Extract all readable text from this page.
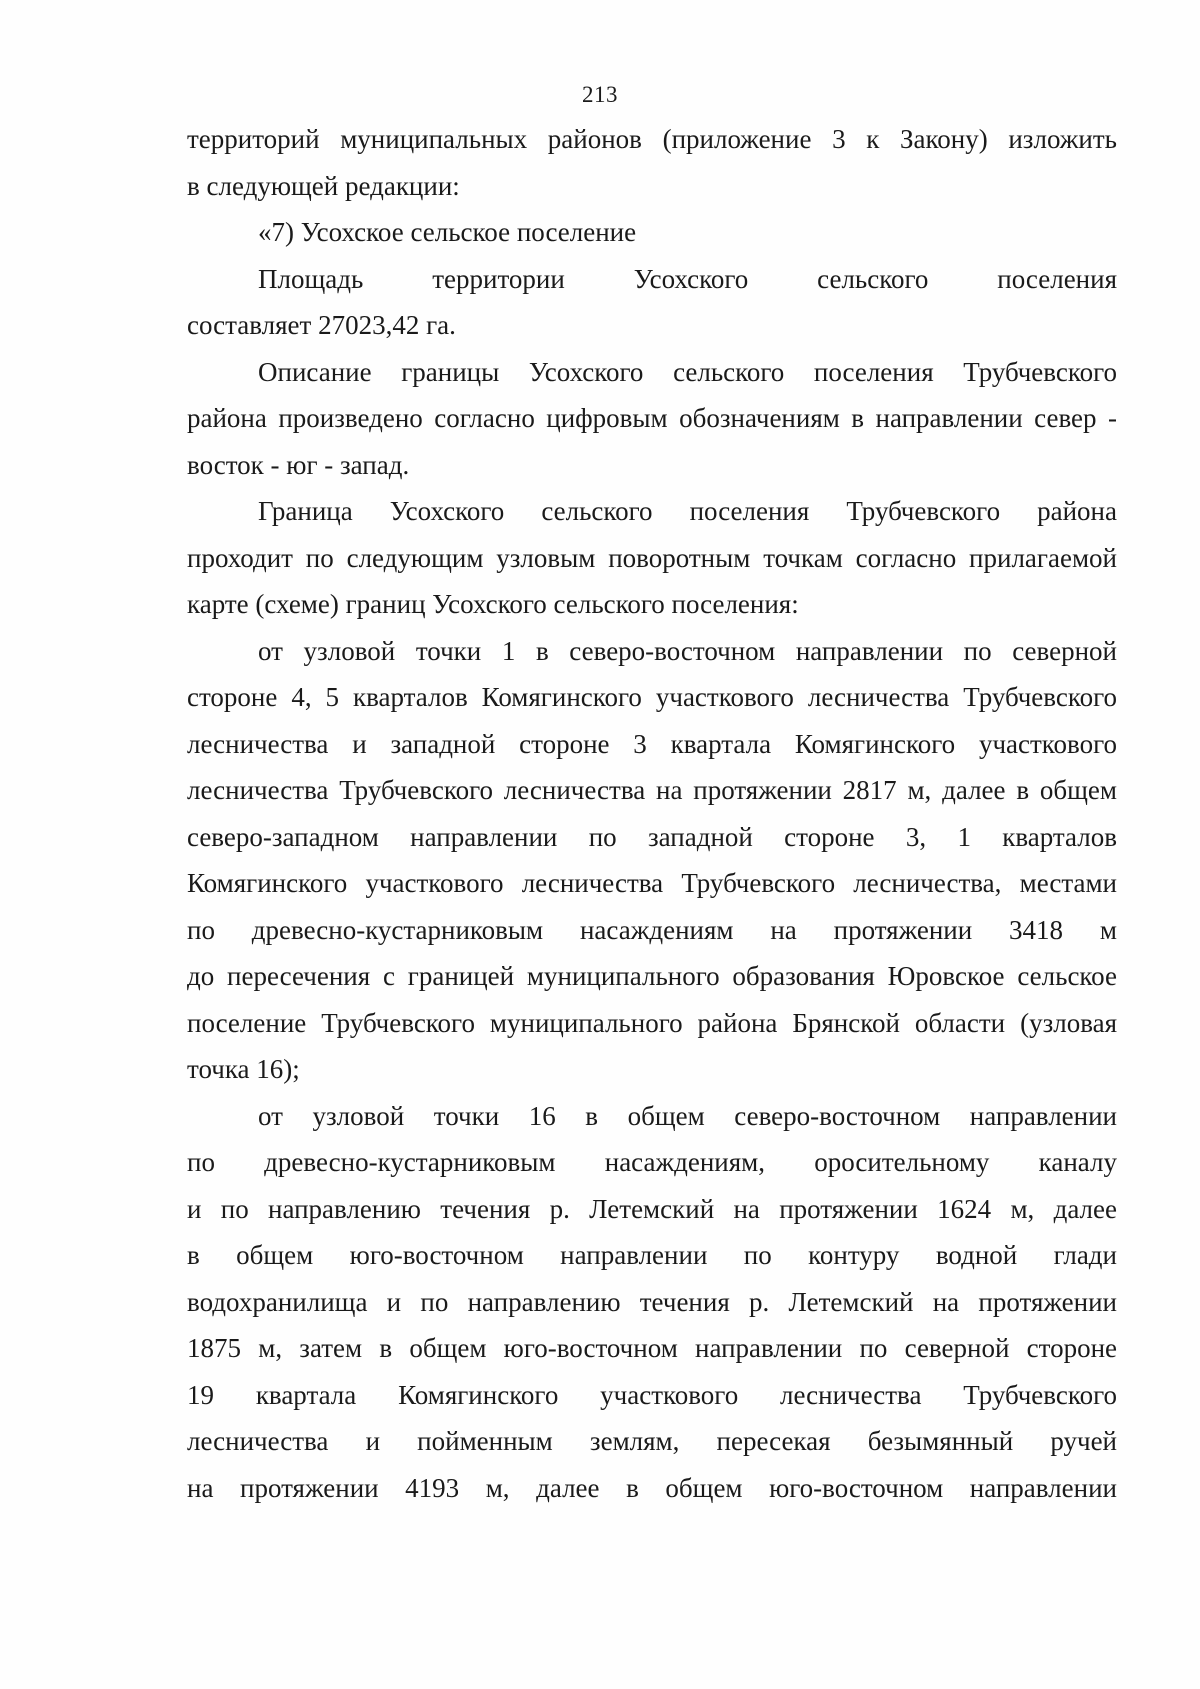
213
территорий муниципальных районов (приложение 3 к Закону) изложить
в следующей редакции:
«7) Усохское сельское поселение
Площадь территории Усохского сельского поселения
составляет 27023,42 га.
Описание границы Усохского сельского поселения Трубчевского
района произведено согласно цифровым обозначениям в направлении север -
восток - юг - запад.
Граница Усохского сельского поселения Трубчевского района
проходит по следующим узловым поворотным точкам согласно прилагаемой
карте (схеме) границ Усохского сельского поселения:
от узловой точки 1 в северо-восточном направлении по северной
стороне 4, 5 кварталов Комягинского участкового лесничества Трубчевского
лесничества и западной стороне 3 квартала Комягинского участкового
лесничества Трубчевского лесничества на протяжении 2817 м, далее в общем
северо-западном направлении по западной стороне 3, 1 кварталов
Комягинского участкового лесничества Трубчевского лесничества, местами
по древесно-кустарниковым насаждениям на протяжении 3418 м
до пересечения с границей муниципального образования Юровское сельское
поселение Трубчевского муниципального района Брянской области (узловая
точка 16);
от узловой точки 16 в общем северо-восточном направлении
по древесно-кустарниковым насаждениям, оросительному каналу
и по направлению течения р. Летемский на протяжении 1624 м, далее
в общем юго-восточном направлении по контуру водной глади
водохранилища и по направлению течения р. Летемский на протяжении
1875 м, затем в общем юго-восточном направлении по северной стороне
19 квартала Комягинского участкового лесничества Трубчевского
лесничества и пойменным землям, пересекая безымянный ручей
на протяжении 4193 м, далее в общем юго-восточном направлении
